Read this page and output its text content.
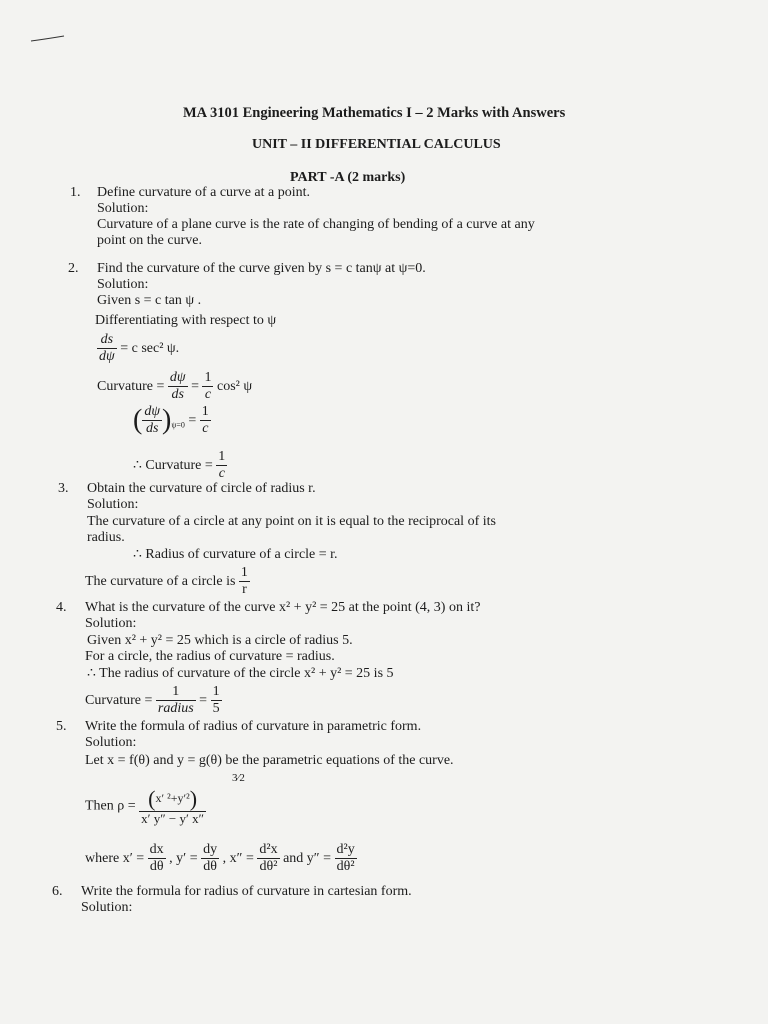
MA 3101 Engineering Mathematics I – 2 Marks with Answers
UNIT – II DIFFERENTIAL CALCULUS
PART -A (2 marks)
1. Define curvature of a curve at a point.
Solution:
Curvature of a plane curve is the rate of changing of bending of a curve at any
point on the curve.
2. Find the curvature of the curve given by s = c tanψ at ψ=0.
Solution:
Given s = c tan ψ .
Differentiating with respect to ψ
$\frac{ds}{d\psi} = c$ sec² ψ.
Curvature = $\frac{d\psi}{ds} = \frac{1}{c} \cos^2$ ψ
( $\frac{d\psi}{ds} )_{\psi=0} = \frac{1}{c}$
∴ Curvature = $\frac{1}{c}$
3. Obtain the curvature of circle of radius r.
Solution:
The curvature of a circle at any point on it is equal to the reciprocal of its
radius.
∴ Radius of curvature of a circle = r.
The curvature of a circle is $\frac{1}{r}$
4. What is the curvature of the curve x² + y² = 25 at the point (4, 3) on it?
Solution:
Given x² + y² = 25 which is a circle of radius 5.
For a circle, the radius of curvature = radius.
∴ The radius of curvature of the circle x² + y² = 25 is 5
Curvature = $\frac{1}{\text{radius}} = \frac{1}{5}$
5. Write the formula of radius of curvature in parametric form.
Solution:
Let x = f(θ) and y = g(θ) be the parametric equations of the curve.
3⁄2
Then $\rho = \frac{\text{(x′ ²+y′²)}}{x' y'' - y' x''}$
where $x' = \frac{dx}{d\theta}$ , $y' = \frac{dy}{d\theta}$ , $x'' = \frac{\text{d²x}}{\text{dθ²}}$ and $y'' = \frac{\text{d²y}}{\text{dθ²}}$
6. Write the formula for radius of curvature in cartesian form.
Solution:
